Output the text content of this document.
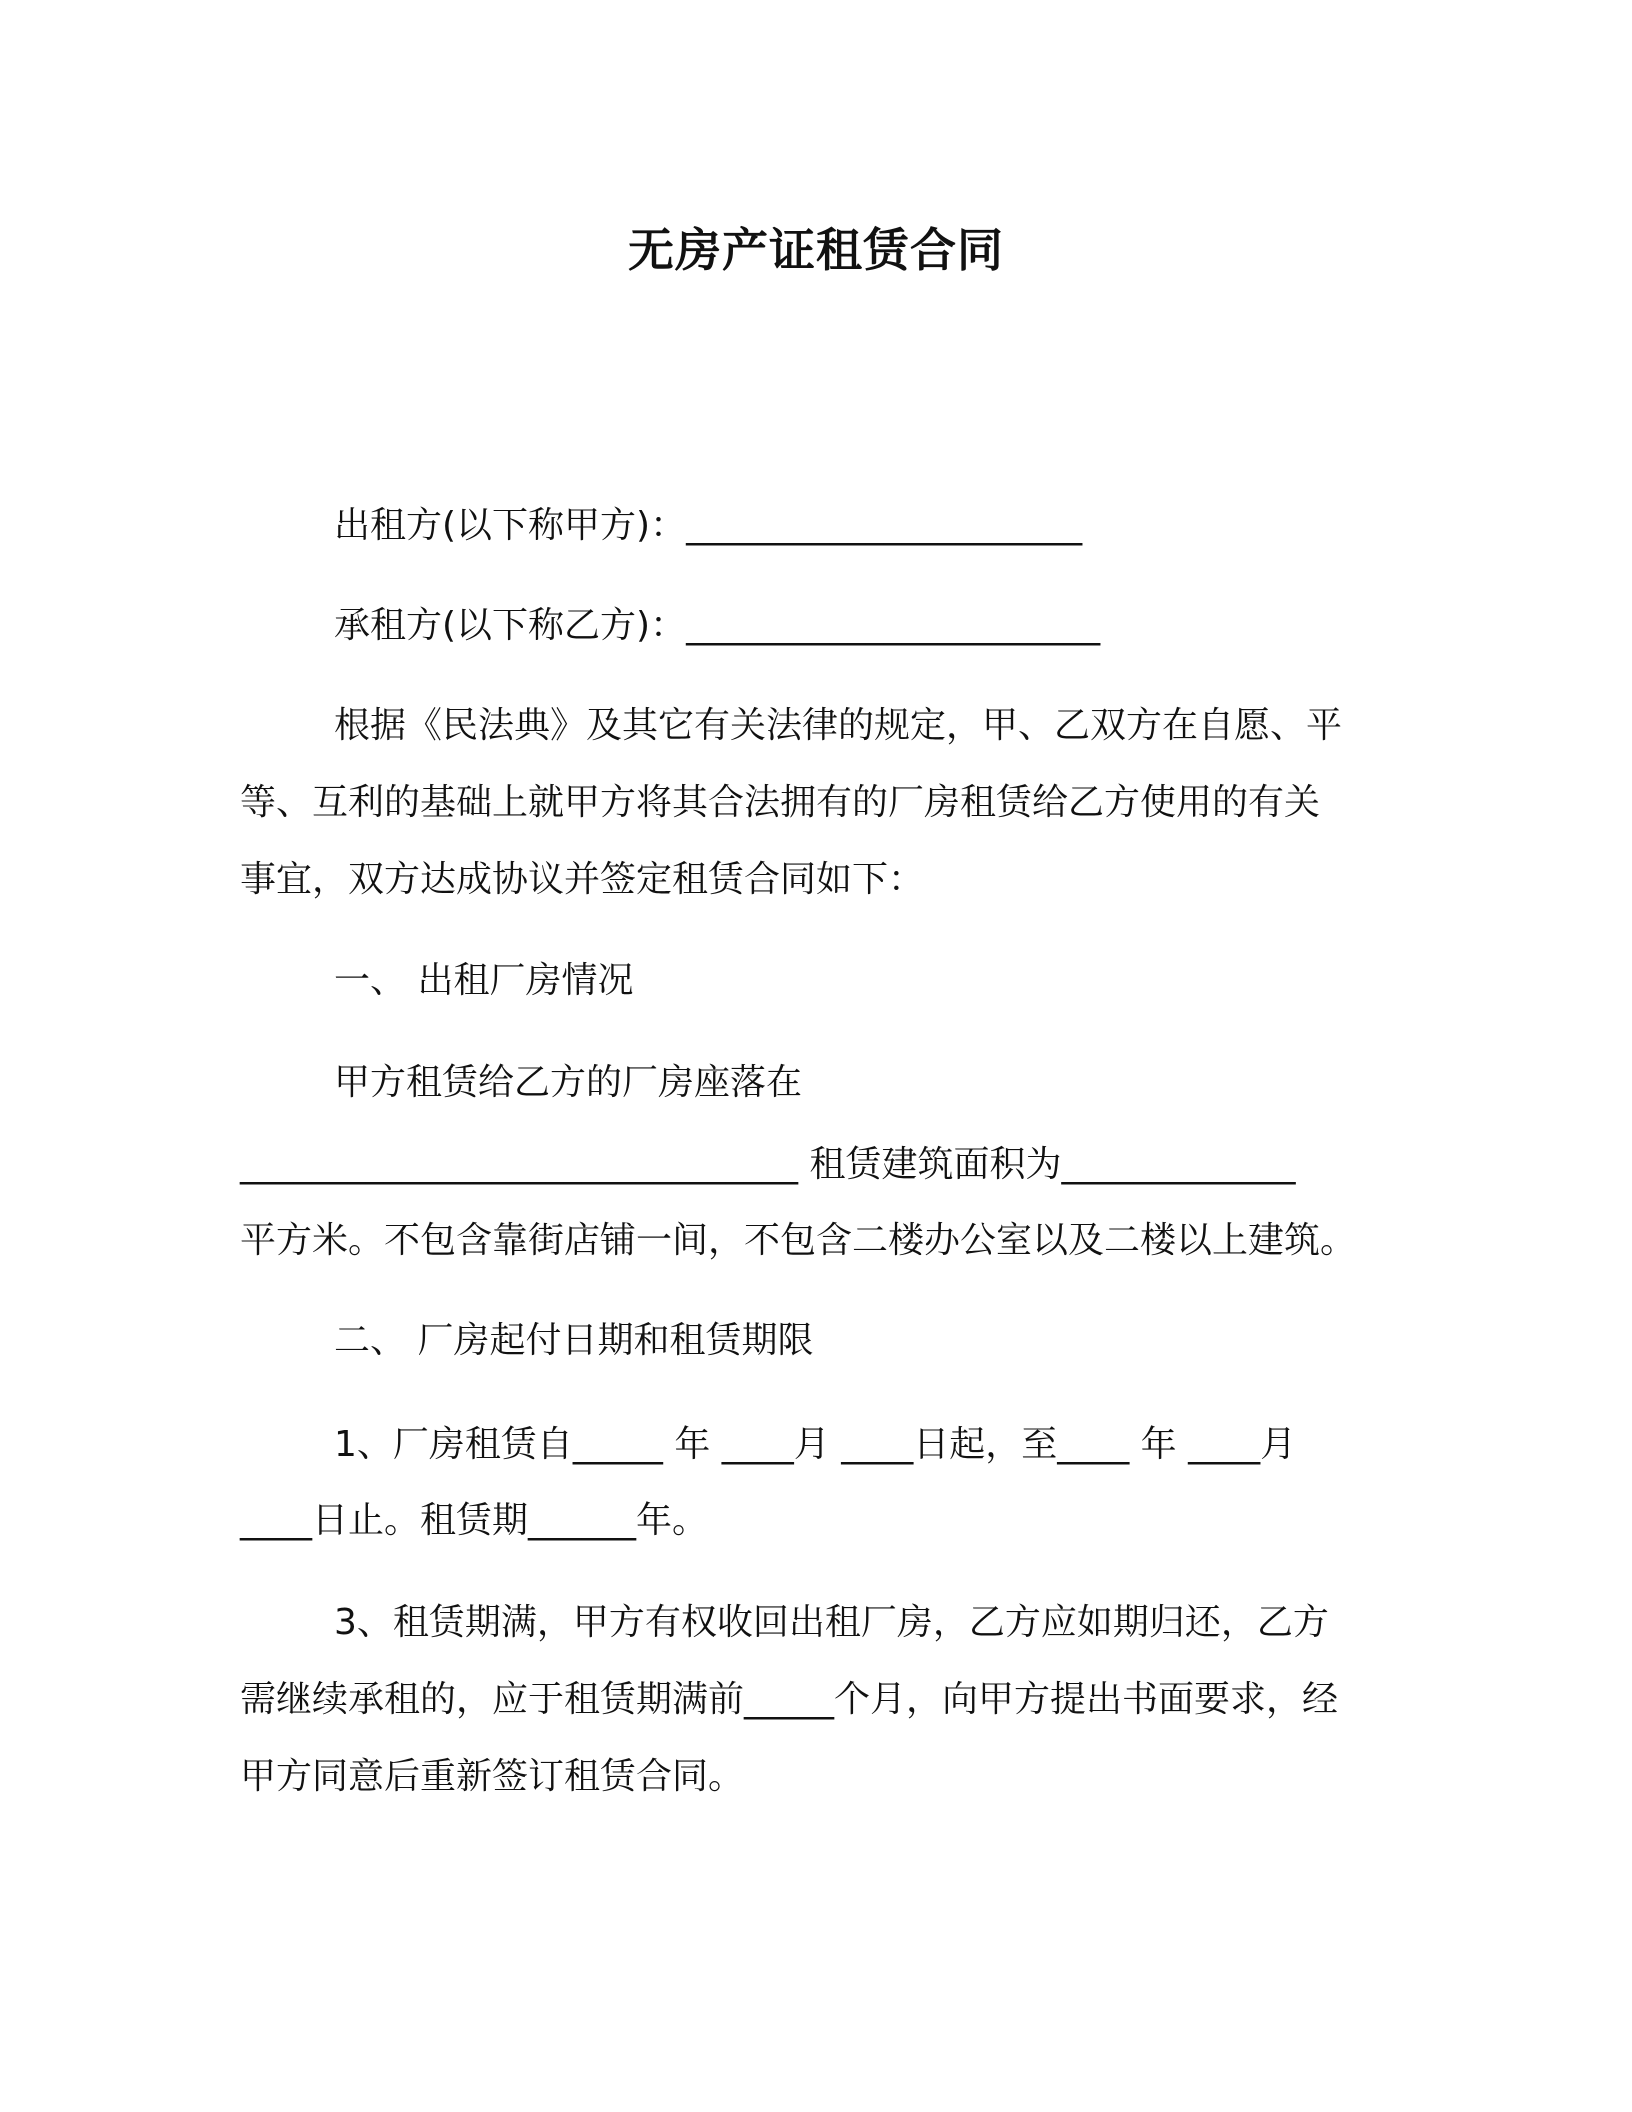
无房产证租赁合同
出租方(以下称甲方)：______________________
承租方(以下称乙方)：_______________________
根据《民法典》及其它有关法律的规定，甲、乙双方在自愿、平
等、互利的基础上就甲方将其合法拥有的厂房租赁给乙方使用的有关
事宜，双方达成协议并签定租赁合同如下：
一、 出租厂房情况
甲方租赁给乙方的厂房座落在
_______________________________ 租赁建筑面积为_____________
平方米。不包含靠街店铺一间，不包含二楼办公室以及二楼以上建筑。
二、 厂房起付日期和租赁期限
1、厂房租赁自_____ 年 ____月 ____日起，至____ 年 ____月
____日止。租赁期______年。
3、租赁期满，甲方有权收回出租厂房，乙方应如期归还，乙方
需继续承租的，应于租赁期满前_____个月，向甲方提出书面要求，经
甲方同意后重新签订租赁合同。
